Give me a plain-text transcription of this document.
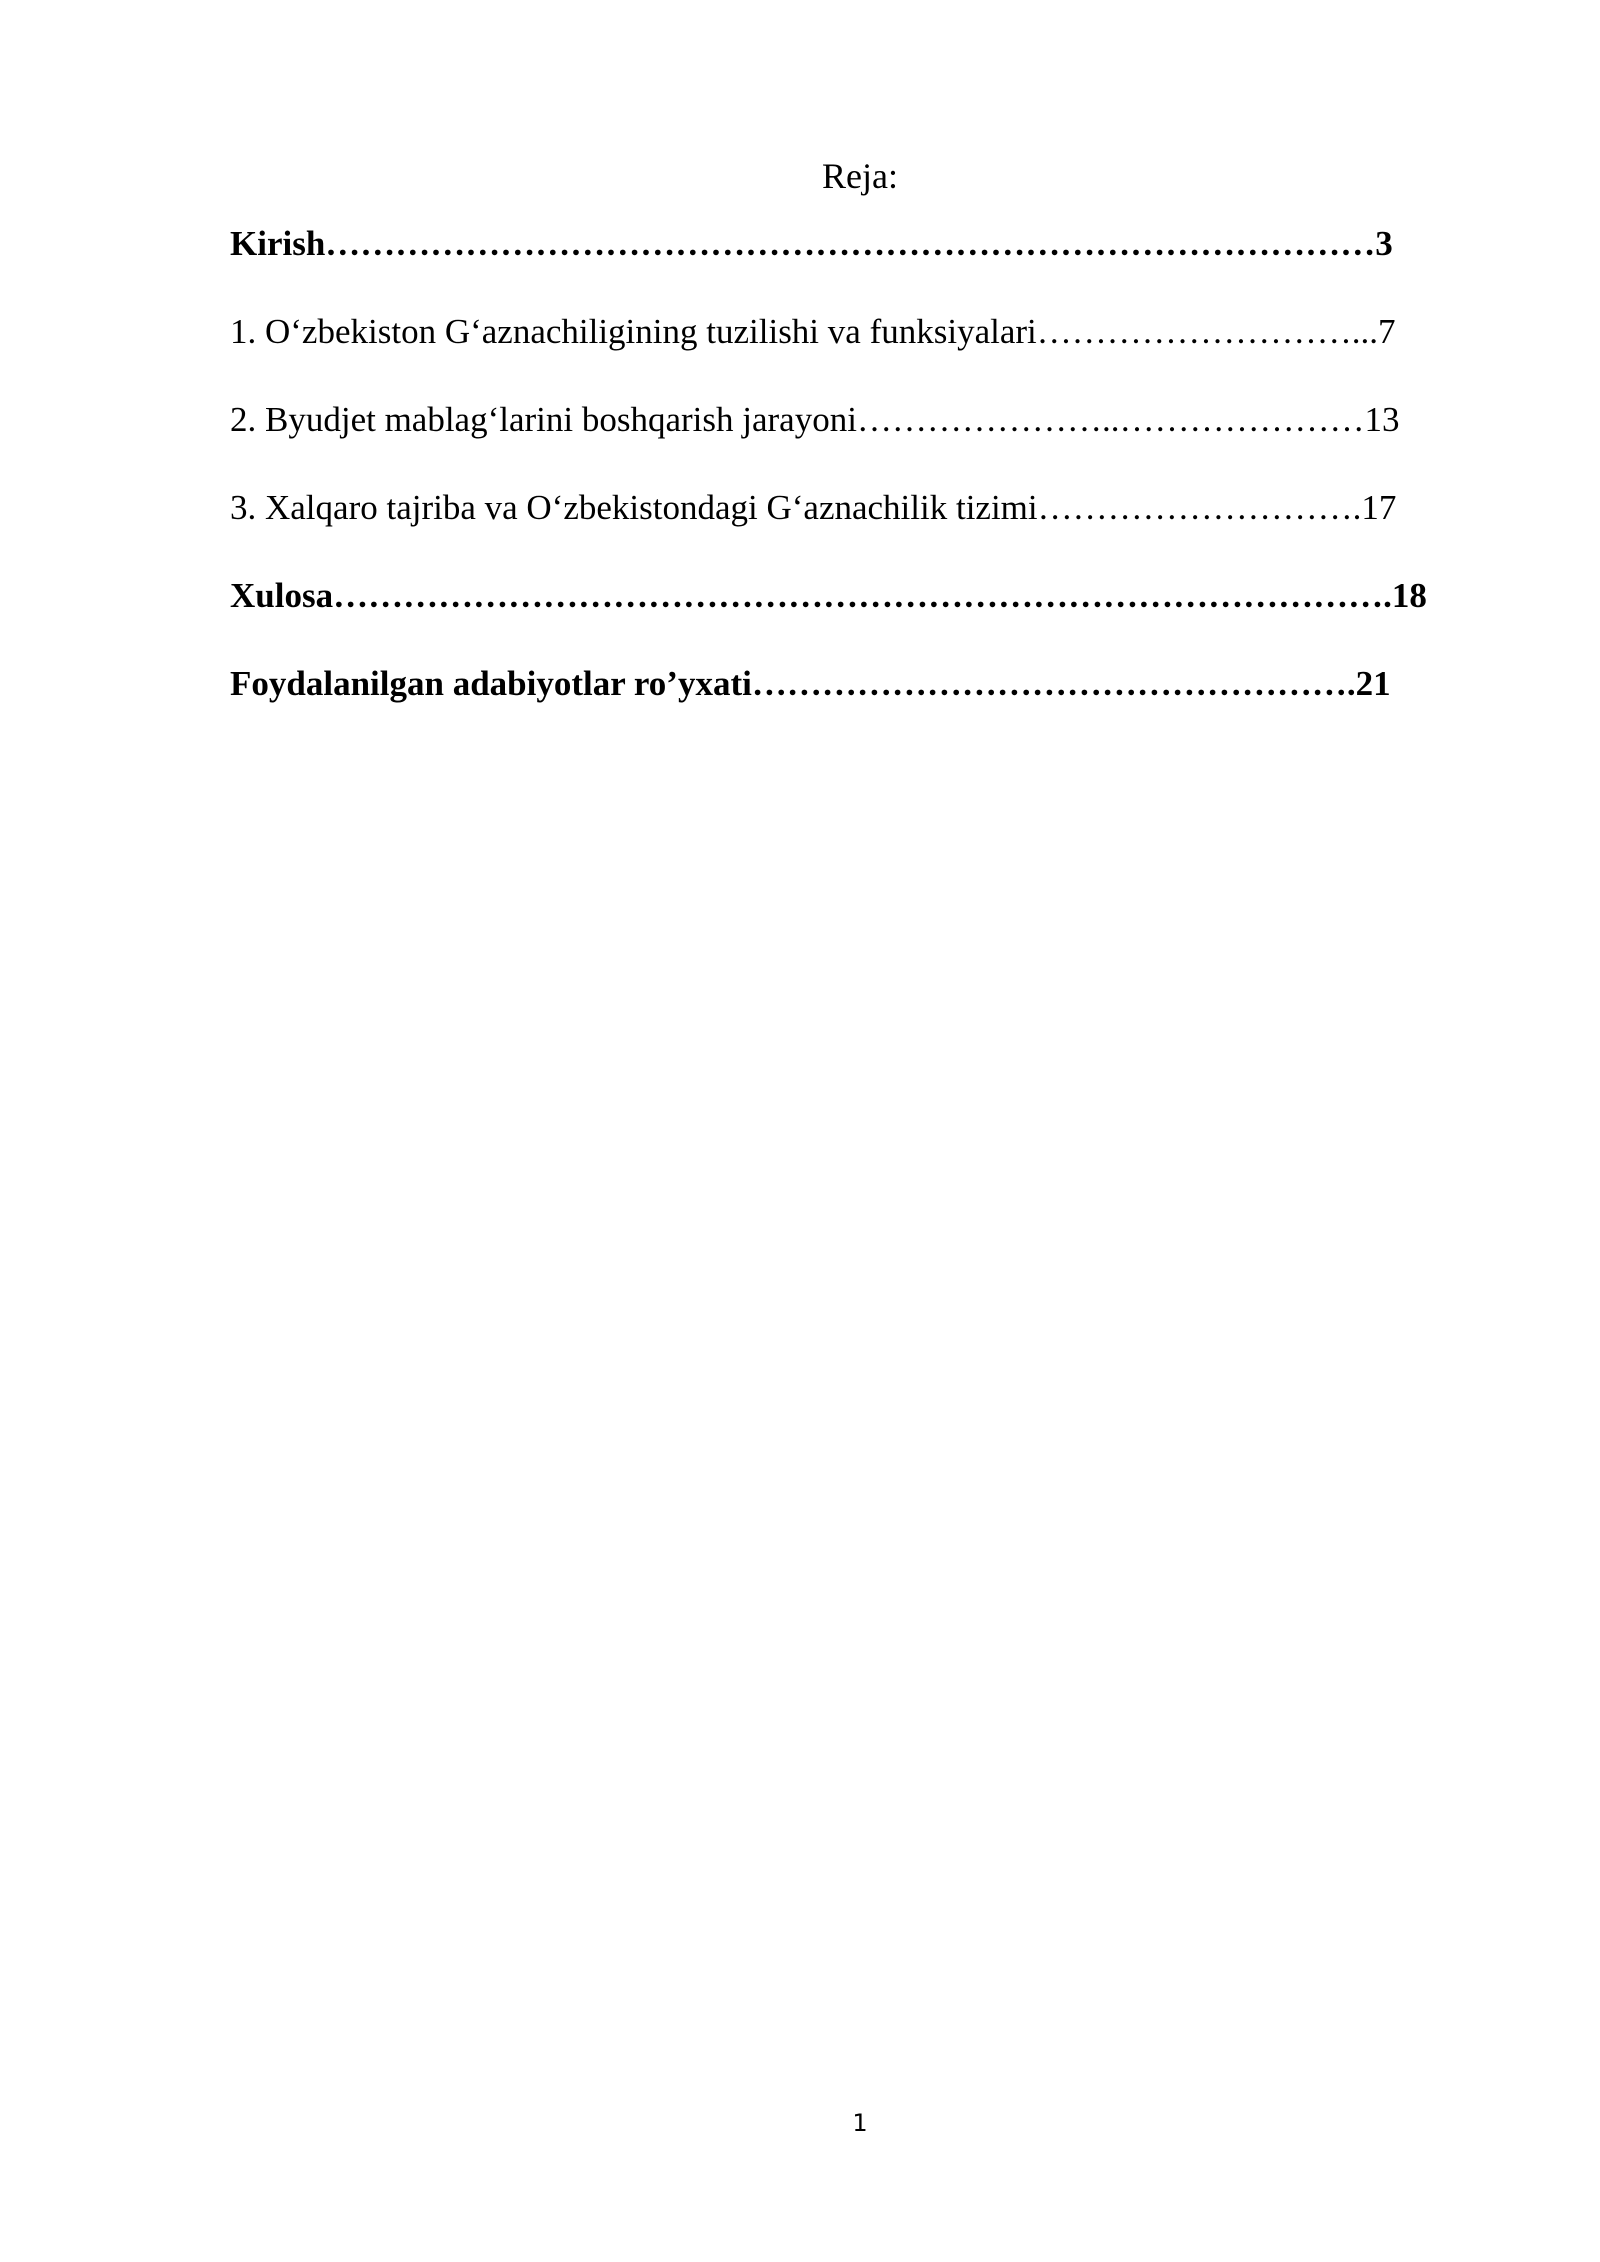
Reja:
Kirish………………………………………………………………………………3
1. O‘zbekiston G‘aznachiligining tuzilishi va funksiyalari………………………...7
2. Byudjet mablag‘larini boshqarish jarayoni…………………..…………………13
3. Xalqaro tajriba va O‘zbekistondagi G‘aznachilik tizimi……………………….17
Xulosa……………………………………………………………………………….18
Foydalanilgan adabiyotlar ro’yxati…………………………………………….21
1
